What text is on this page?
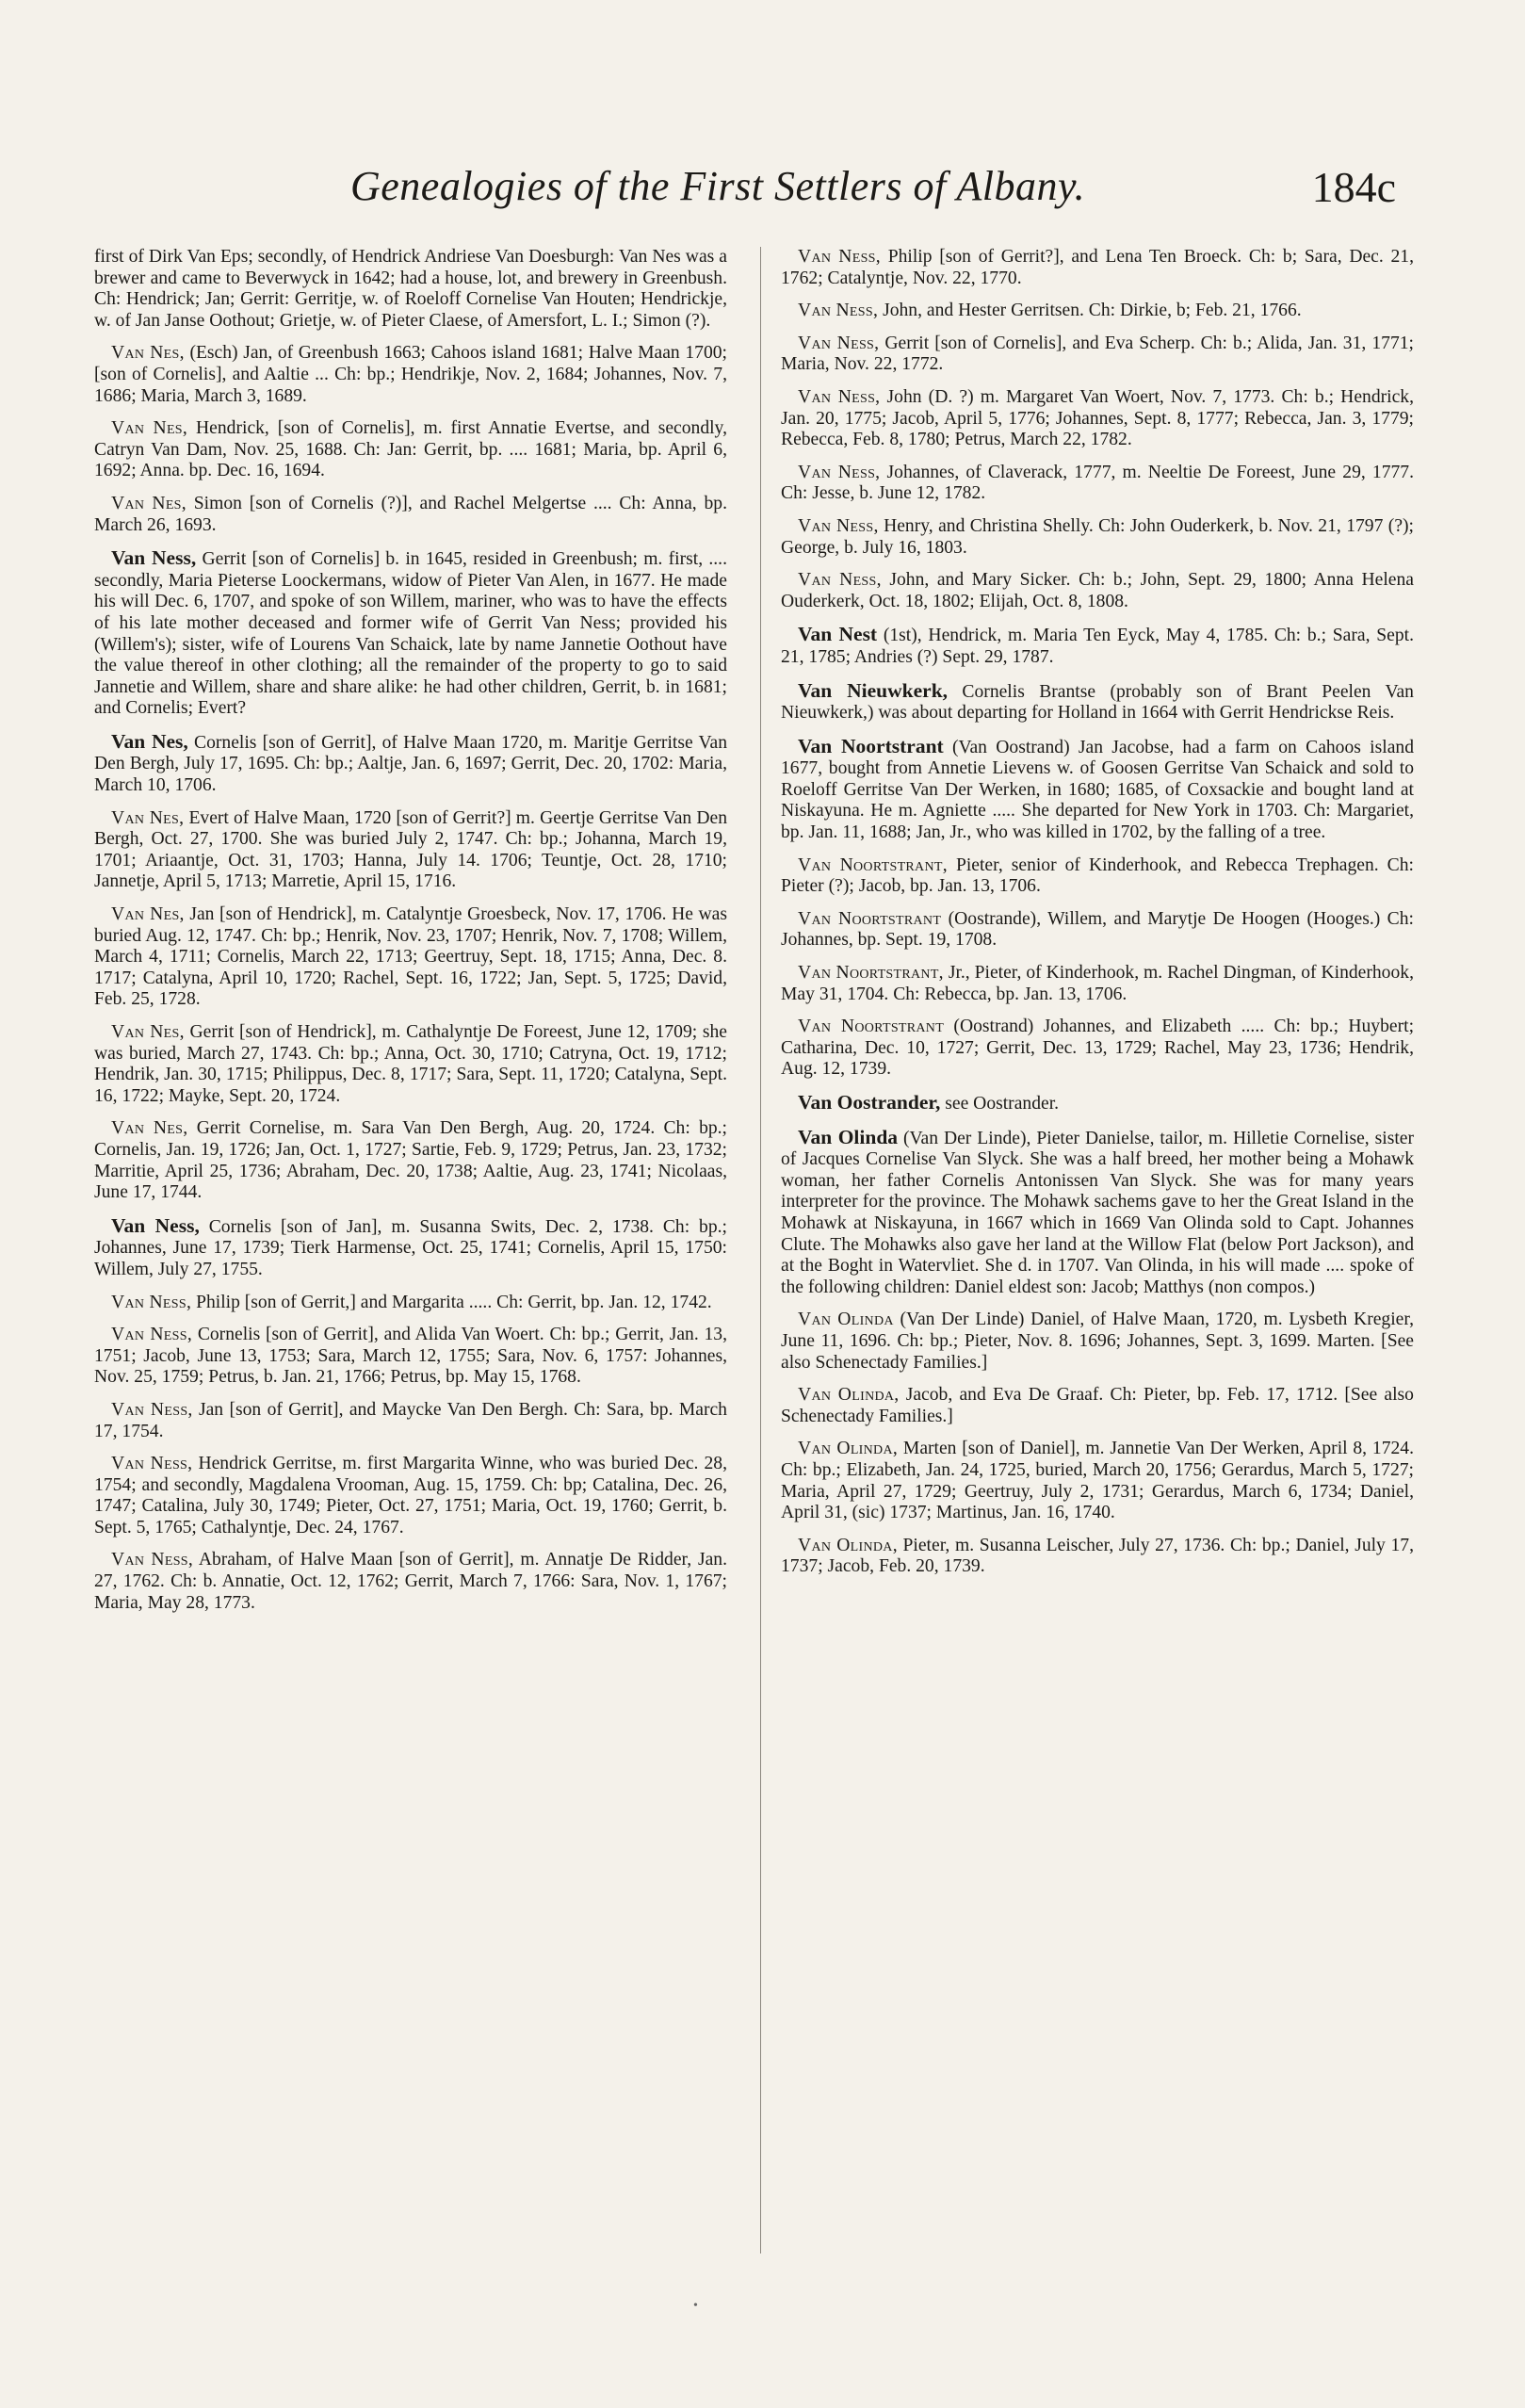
Genealogies of the First Settlers of Albany.	184c

first of Dirk Van Eps; secondly, of Hendrick Andriese Van Doesburgh: Van Nes was a brewer and came to Beverwyck in 1642; had a house, lot, and brewery in Greenbush. Ch: Hendrick; Jan; Gerrit: Gerritje, w. of Roeloff Cornelise Van Houten; Hendrickje, w. of Jan Janse Oothout; Grietje, w. of Pieter Claese, of Amersfort, L. I.; Simon (?).

Van Nes, (Esch) Jan, of Greenbush 1663; Cahoos island 1681; Halve Maan 1700; [son of Cornelis], and Aaltie ... Ch: bp.; Hendrikje, Nov. 2, 1684; Johannes, Nov. 7, 1686; Maria, March 3, 1689.

Van Nes, Hendrick, [son of Cornelis], m. first Annatie Evertse, and secondly, Catryn Van Dam, Nov. 25, 1688. Ch: Jan: Gerrit, bp. .... 1681; Maria, bp. April 6, 1692; Anna. bp. Dec. 16, 1694.

Van Nes, Simon [son of Cornelis (?)], and Rachel Melgertse .... Ch: Anna, bp. March 26, 1693.

Van Ness, Gerrit [son of Cornelis] b. in 1645, resided in Greenbush; m. first, .... secondly, Maria Pieterse Loockermans, widow of Pieter Van Alen, in 1677. He made his will Dec. 6, 1707, and spoke of son Willem, mariner, who was to have the effects of his late mother deceased and former wife of Gerrit Van Ness; provided his (Willem's); sister, wife of Lourens Van Schaick, late by name Jannetie Oothout have the value thereof in other clothing; all the remainder of the property to go to said Jannetie and Willem, share and share alike: he had other children, Gerrit, b. in 1681; and Cornelis; Evert?

Van Nes, Cornelis [son of Gerrit], of Halve Maan 1720, m. Maritje Gerritse Van Den Bergh, July 17, 1695. Ch: bp.; Aaltje, Jan. 6, 1697; Gerrit, Dec. 20, 1702: Maria, March 10, 1706.

Van Nes, Evert of Halve Maan, 1720 [son of Gerrit?] m. Geertje Gerritse Van Den Bergh, Oct. 27, 1700. She was buried July 2, 1747. Ch: bp.; Johanna, March 19, 1701; Ariaantje, Oct. 31, 1703; Hanna, July 14. 1706; Teuntje, Oct. 28, 1710; Jannetje, April 5, 1713; Marretie, April 15, 1716.

Van Nes, Jan [son of Hendrick], m. Catalyntje Groesbeck, Nov. 17, 1706. He was buried Aug. 12, 1747. Ch: bp.; Henrik, Nov. 23, 1707; Henrik, Nov. 7, 1708; Willem, March 4, 1711; Cornelis, March 22, 1713; Geertruy, Sept. 18, 1715; Anna, Dec. 8. 1717; Catalyna, April 10, 1720; Rachel, Sept. 16, 1722; Jan, Sept. 5, 1725; David, Feb. 25, 1728.

Van Nes, Gerrit [son of Hendrick], m. Cathalyntje De Foreest, June 12, 1709; she was buried, March 27, 1743. Ch: bp.; Anna, Oct. 30, 1710; Catryna, Oct. 19, 1712; Hendrik, Jan. 30, 1715; Philippus, Dec. 8, 1717; Sara, Sept. 11, 1720; Catalyna, Sept. 16, 1722; Mayke, Sept. 20, 1724.

Van Nes, Gerrit Cornelise, m. Sara Van Den Bergh, Aug. 20, 1724. Ch: bp.; Cornelis, Jan. 19, 1726; Jan, Oct. 1, 1727; Sartie, Feb. 9, 1729; Petrus, Jan. 23, 1732; Marritie, April 25, 1736; Abraham, Dec. 20, 1738; Aaltie, Aug. 23, 1741; Nicolaas, June 17, 1744.

Van Ness, Cornelis [son of Jan], m. Susanna Swits, Dec. 2, 1738. Ch: bp.; Johannes, June 17, 1739; Tierk Harmense, Oct. 25, 1741; Cornelis, April 15, 1750: Willem, July 27, 1755.

Van Ness, Philip [son of Gerrit,] and Margarita ..... Ch: Gerrit, bp. Jan. 12, 1742.

Van Ness, Cornelis [son of Gerrit], and Alida Van Woert. Ch: bp.; Gerrit, Jan. 13, 1751; Jacob, June 13, 1753; Sara, March 12, 1755; Sara, Nov. 6, 1757: Johannes, Nov. 25, 1759; Petrus, b. Jan. 21, 1766; Petrus, bp. May 15, 1768.

Van Ness, Jan [son of Gerrit], and Maycke Van Den Bergh. Ch: Sara, bp. March 17, 1754.

Van Ness, Hendrick Gerritse, m. first Margarita Winne, who was buried Dec. 28, 1754; and secondly, Magdalena Vrooman, Aug. 15, 1759. Ch: bp; Catalina, Dec. 26, 1747; Catalina, July 30, 1749; Pieter, Oct. 27, 1751; Maria, Oct. 19, 1760; Gerrit, b. Sept. 5, 1765; Cathalyntje, Dec. 24, 1767.

Van Ness, Abraham, of Halve Maan [son of Gerrit], m. Annatje De Ridder, Jan. 27, 1762. Ch: b. Annatie, Oct. 12, 1762; Gerrit, March 7, 1766: Sara, Nov. 1, 1767; Maria, May 28, 1773.

Van Ness, Philip [son of Gerrit?], and Lena Ten Broeck. Ch: b; Sara, Dec. 21, 1762; Catalyntje, Nov. 22, 1770.

Van Ness, John, and Hester Gerritsen. Ch: Dirkie, b; Feb. 21, 1766.

Van Ness, Gerrit [son of Cornelis], and Eva Scherp. Ch: b.; Alida, Jan. 31, 1771; Maria, Nov. 22, 1772.

Van Ness, John (D. ?) m. Margaret Van Woert, Nov. 7, 1773. Ch: b.; Hendrick, Jan. 20, 1775; Jacob, April 5, 1776; Johannes, Sept. 8, 1777; Rebecca, Jan. 3, 1779; Rebecca, Feb. 8, 1780; Petrus, March 22, 1782.

Van Ness, Johannes, of Claverack, 1777, m. Neeltie De Foreest, June 29, 1777. Ch: Jesse, b. June 12, 1782.

Van Ness, Henry, and Christina Shelly. Ch: John Ouderkerk, b. Nov. 21, 1797 (?); George, b. July 16, 1803.

Van Ness, John, and Mary Sicker. Ch: b.; John, Sept. 29, 1800; Anna Helena Ouderkerk, Oct. 18, 1802; Elijah, Oct. 8, 1808.

Van Nest (1st), Hendrick, m. Maria Ten Eyck, May 4, 1785. Ch: b.; Sara, Sept. 21, 1785; Andries (?) Sept. 29, 1787.

Van Nieuwkerk, Cornelis Brantse (probably son of Brant Peelen Van Nieuwkerk,) was about departing for Holland in 1664 with Gerrit Hendrickse Reis.

Van Noortstrant (Van Oostrand) Jan Jacobse, had a farm on Cahoos island 1677, bought from Annetie Lievens w. of Goosen Gerritse Van Schaick and sold to Roeloff Gerritse Van Der Werken, in 1680; 1685, of Coxsackie and bought land at Niskayuna. He m. Agniette ..... She departed for New York in 1703. Ch: Margariet, bp. Jan. 11, 1688; Jan, Jr., who was killed in 1702, by the falling of a tree.

Van Noortstrant, Pieter, senior of Kinderhook, and Rebecca Trephagen. Ch: Pieter (?); Jacob, bp. Jan. 13, 1706.

Van Noortstrant (Oostrande), Willem, and Marytje De Hoogen (Hooges.) Ch: Johannes, bp. Sept. 19, 1708.

Van Noortstrant, Jr., Pieter, of Kinderhook, m. Rachel Dingman, of Kinderhook, May 31, 1704. Ch: Rebecca, bp. Jan. 13, 1706.

Van Noortstrant (Oostrand) Johannes, and Elizabeth ..... Ch: bp.; Huybert; Catharina, Dec. 10, 1727; Gerrit, Dec. 13, 1729; Rachel, May 23, 1736; Hendrik, Aug. 12, 1739.

Van Oostrander, see Oostrander.

Van Olinda (Van Der Linde), Pieter Danielse, tailor, m. Hilletie Cornelise, sister of Jacques Cornelise Van Slyck. She was a half breed, her mother being a Mohawk woman, her father Cornelis Antonissen Van Slyck. She was for many years interpreter for the province. The Mohawk sachems gave to her the Great Island in the Mohawk at Niskayuna, in 1667 which in 1669 Van Olinda sold to Capt. Johannes Clute. The Mohawks also gave her land at the Willow Flat (below Port Jackson), and at the Boght in Watervliet. She d. in 1707. Van Olinda, in his will made .... spoke of the following children: Daniel eldest son: Jacob; Matthys (non compos.)

Van Olinda (Van Der Linde) Daniel, of Halve Maan, 1720, m. Lysbeth Kregier, June 11, 1696. Ch: bp.; Pieter, Nov. 8. 1696; Johannes, Sept. 3, 1699. Marten. [See also Schenectady Families.]

Van Olinda, Jacob, and Eva De Graaf. Ch: Pieter, bp. Feb. 17, 1712. [See also Schenectady Families.]

Van Olinda, Marten [son of Daniel], m. Jannetie Van Der Werken, April 8, 1724. Ch: bp.; Elizabeth, Jan. 24, 1725, buried, March 20, 1756; Gerardus, March 5, 1727; Maria, April 27, 1729; Geertruy, July 2, 1731; Gerardus, March 6, 1734; Daniel, April 31, (sic) 1737; Martinus, Jan. 16, 1740.

Van Olinda, Pieter, m. Susanna Leischer, July 27, 1736. Ch: bp.; Daniel, July 17, 1737; Jacob, Feb. 20, 1739.

•
